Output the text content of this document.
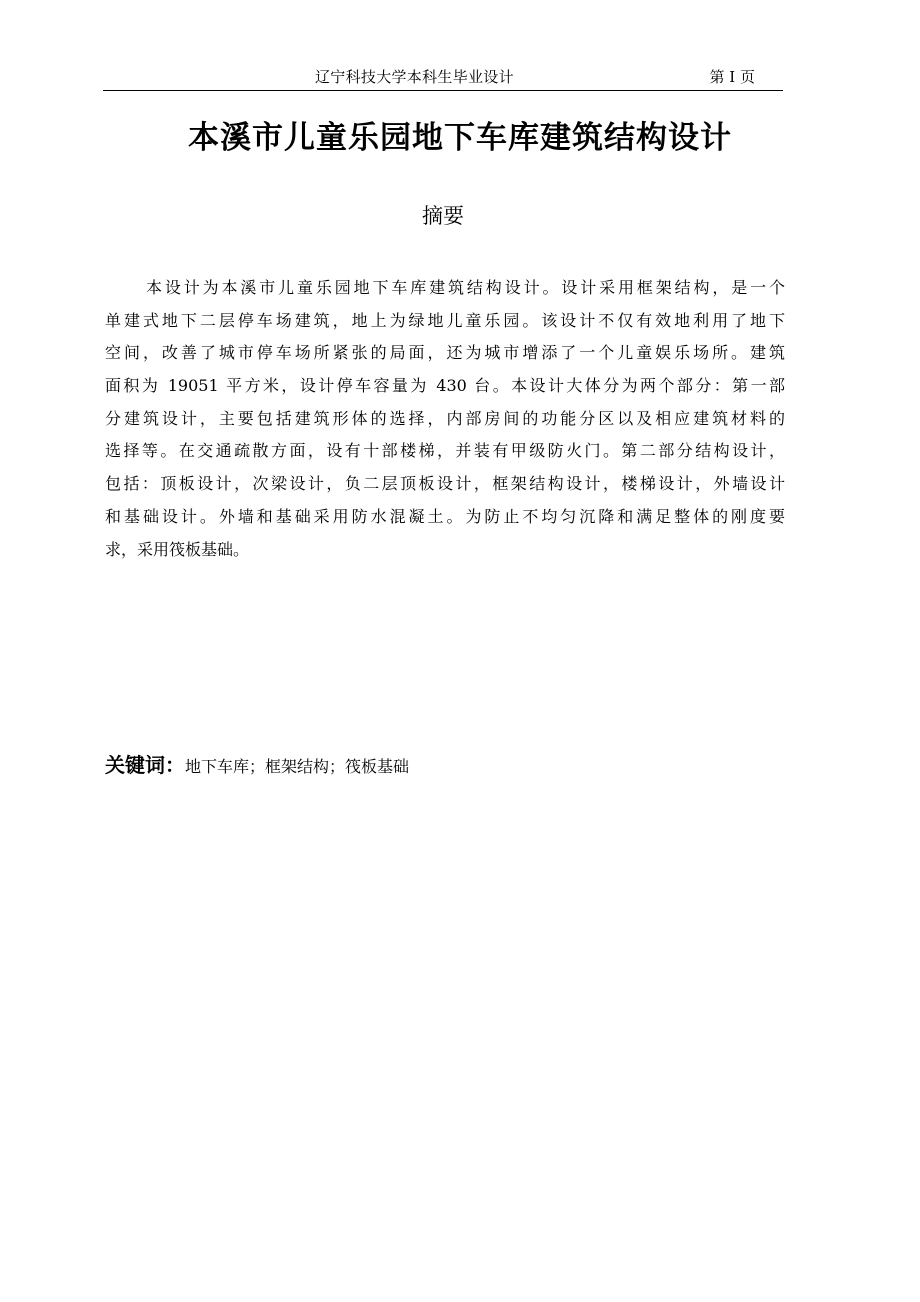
辽宁科技大学本科生毕业设计	第 I 页
本溪市儿童乐园地下车库建筑结构设计
摘要
本设计为本溪市儿童乐园地下车库建筑结构设计。设计采用框架结构，是一个
单建式地下二层停车场建筑，地上为绿地儿童乐园。该设计不仅有效地利用了地下
空间，改善了城市停车场所紧张的局面，还为城市增添了一个儿童娱乐场所。建筑
面积为 19051 平方米，设计停车容量为 430 台。本设计大体分为两个部分：第一部
分建筑设计，主要包括建筑形体的选择，内部房间的功能分区以及相应建筑材料的
选择等。在交通疏散方面，设有十部楼梯，并装有甲级防火门。第二部分结构设计，
包括：顶板设计，次梁设计，负二层顶板设计，框架结构设计，楼梯设计，外墙设计
和基础设计。外墙和基础采用防水混凝土。为防止不均匀沉降和满足整体的刚度要
求，采用筏板基础。
关键词：地下车库；框架结构；筏板基础
